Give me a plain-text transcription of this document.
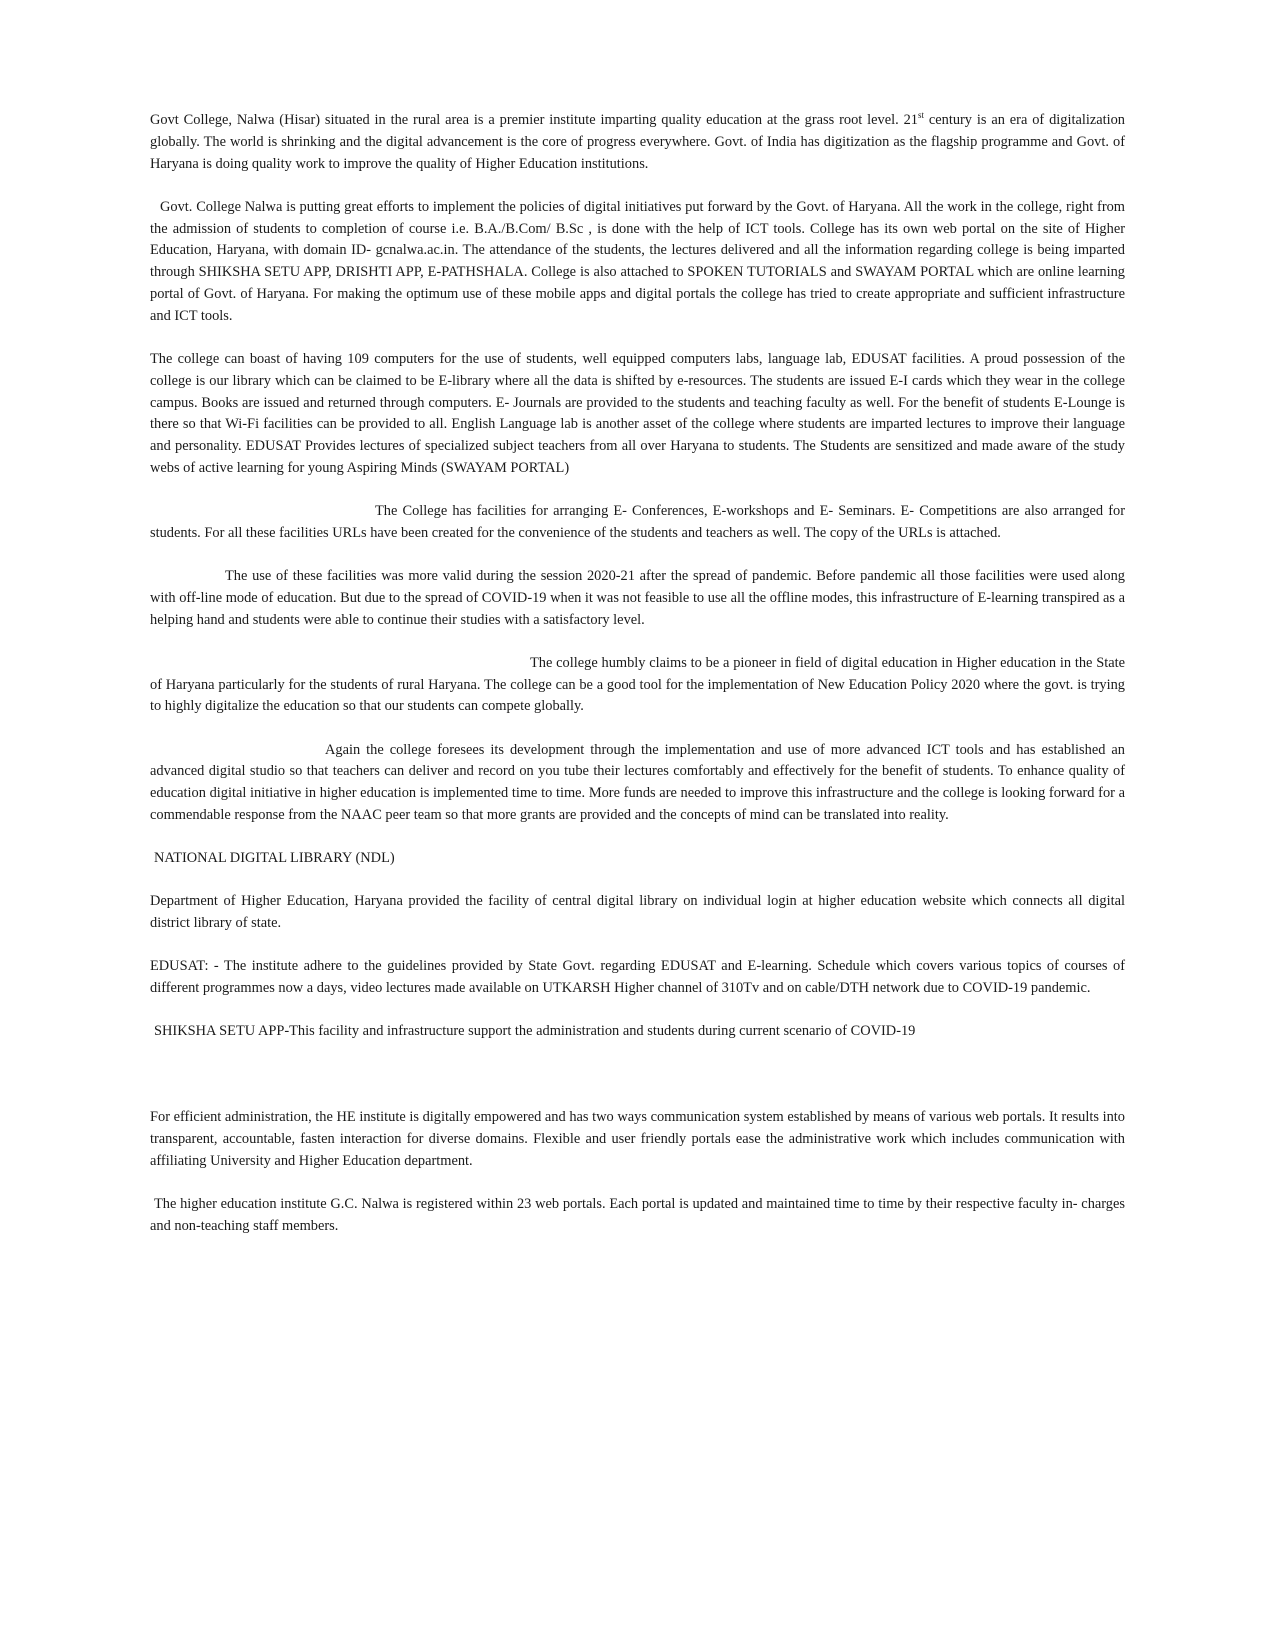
Govt College, Nalwa (Hisar) situated in the rural area is a premier institute imparting quality education at the grass root level. 21st century is an era of digitalization globally. The world is shrinking and the digital advancement is the core of progress everywhere. Govt. of India has digitization as the flagship programme and Govt. of Haryana is doing quality work to improve the quality of Higher Education institutions.

Govt. College Nalwa is putting great efforts to implement the policies of digital initiatives put forward by the Govt. of Haryana. All the work in the college, right from the admission of students to completion of course i.e. B.A./B.Com/ B.Sc , is done with the help of ICT tools. College has its own web portal on the site of Higher Education, Haryana, with domain ID- gcnalwa.ac.in. The attendance of the students, the lectures delivered and all the information regarding college is being imparted through SHIKSHA SETU APP, DRISHTI APP, E-PATHSHALA. College is also attached to SPOKEN TUTORIALS and SWAYAM PORTAL which are online learning portal of Govt. of Haryana. For making the optimum use of these mobile apps and digital portals the college has tried to create appropriate and sufficient infrastructure and ICT tools.

The college can boast of having 109 computers for the use of students, well equipped computers labs, language lab, EDUSAT facilities. A proud possession of the college is our library which can be claimed to be E-library where all the data is shifted by e-resources. The students are issued E-I cards which they wear in the college campus. Books are issued and returned through computers. E- Journals are provided to the students and teaching faculty as well. For the benefit of students E-Lounge is there so that Wi-Fi facilities can be provided to all. English Language lab is another asset of the college where students are imparted lectures to improve their language and personality. EDUSAT Provides lectures of specialized subject teachers from all over Haryana to students. The Students are sensitized and made aware of the study webs of active learning for young Aspiring Minds (SWAYAM PORTAL)

The College has facilities for arranging E- Conferences, E-workshops and E- Seminars. E- Competitions are also arranged for students. For all these facilities URLs have been created for the convenience of the students and teachers as well. The copy of the URLs is attached.

The use of these facilities was more valid during the session 2020-21 after the spread of pandemic. Before pandemic all those facilities were used along with off-line mode of education. But due to the spread of COVID-19 when it was not feasible to use all the offline modes, this infrastructure of E-learning transpired as a helping hand and students were able to continue their studies with a satisfactory level.

The college humbly claims to be a pioneer in field of digital education in Higher education in the State of Haryana particularly for the students of rural Haryana. The college can be a good tool for the implementation of New Education Policy 2020 where the govt. is trying to highly digitalize the education so that our students can compete globally.

Again the college foresees its development through the implementation and use of more advanced ICT tools and has established an advanced digital studio so that teachers can deliver and record on you tube their lectures comfortably and effectively for the benefit of students. To enhance quality of education digital initiative in higher education is implemented time to time. More funds are needed to improve this infrastructure and the college is looking forward for a commendable response from the NAAC peer team so that more grants are provided and the concepts of mind can be translated into reality.

NATIONAL DIGITAL LIBRARY (NDL)

Department of Higher Education, Haryana provided the facility of central digital library on individual login at higher education website which connects all digital district library of state.

EDUSAT: - The institute adhere to the guidelines provided by State Govt. regarding EDUSAT and E-learning. Schedule which covers various topics of courses of different programmes now a days, video lectures made available on UTKARSH Higher channel of 310Tv and on cable/DTH network due to COVID-19 pandemic.

SHIKSHA SETU APP-This facility and infrastructure support the administration and students during current scenario of COVID-19

For efficient administration, the HE institute is digitally empowered and has two ways communication system established by means of various web portals. It results into transparent, accountable, fasten interaction for diverse domains. Flexible and user friendly portals ease the administrative work which includes communication with affiliating University and Higher Education department.

The higher education institute G.C. Nalwa is registered within 23 web portals. Each portal is updated and maintained time to time by their respective faculty in- charges and non-teaching staff members.
